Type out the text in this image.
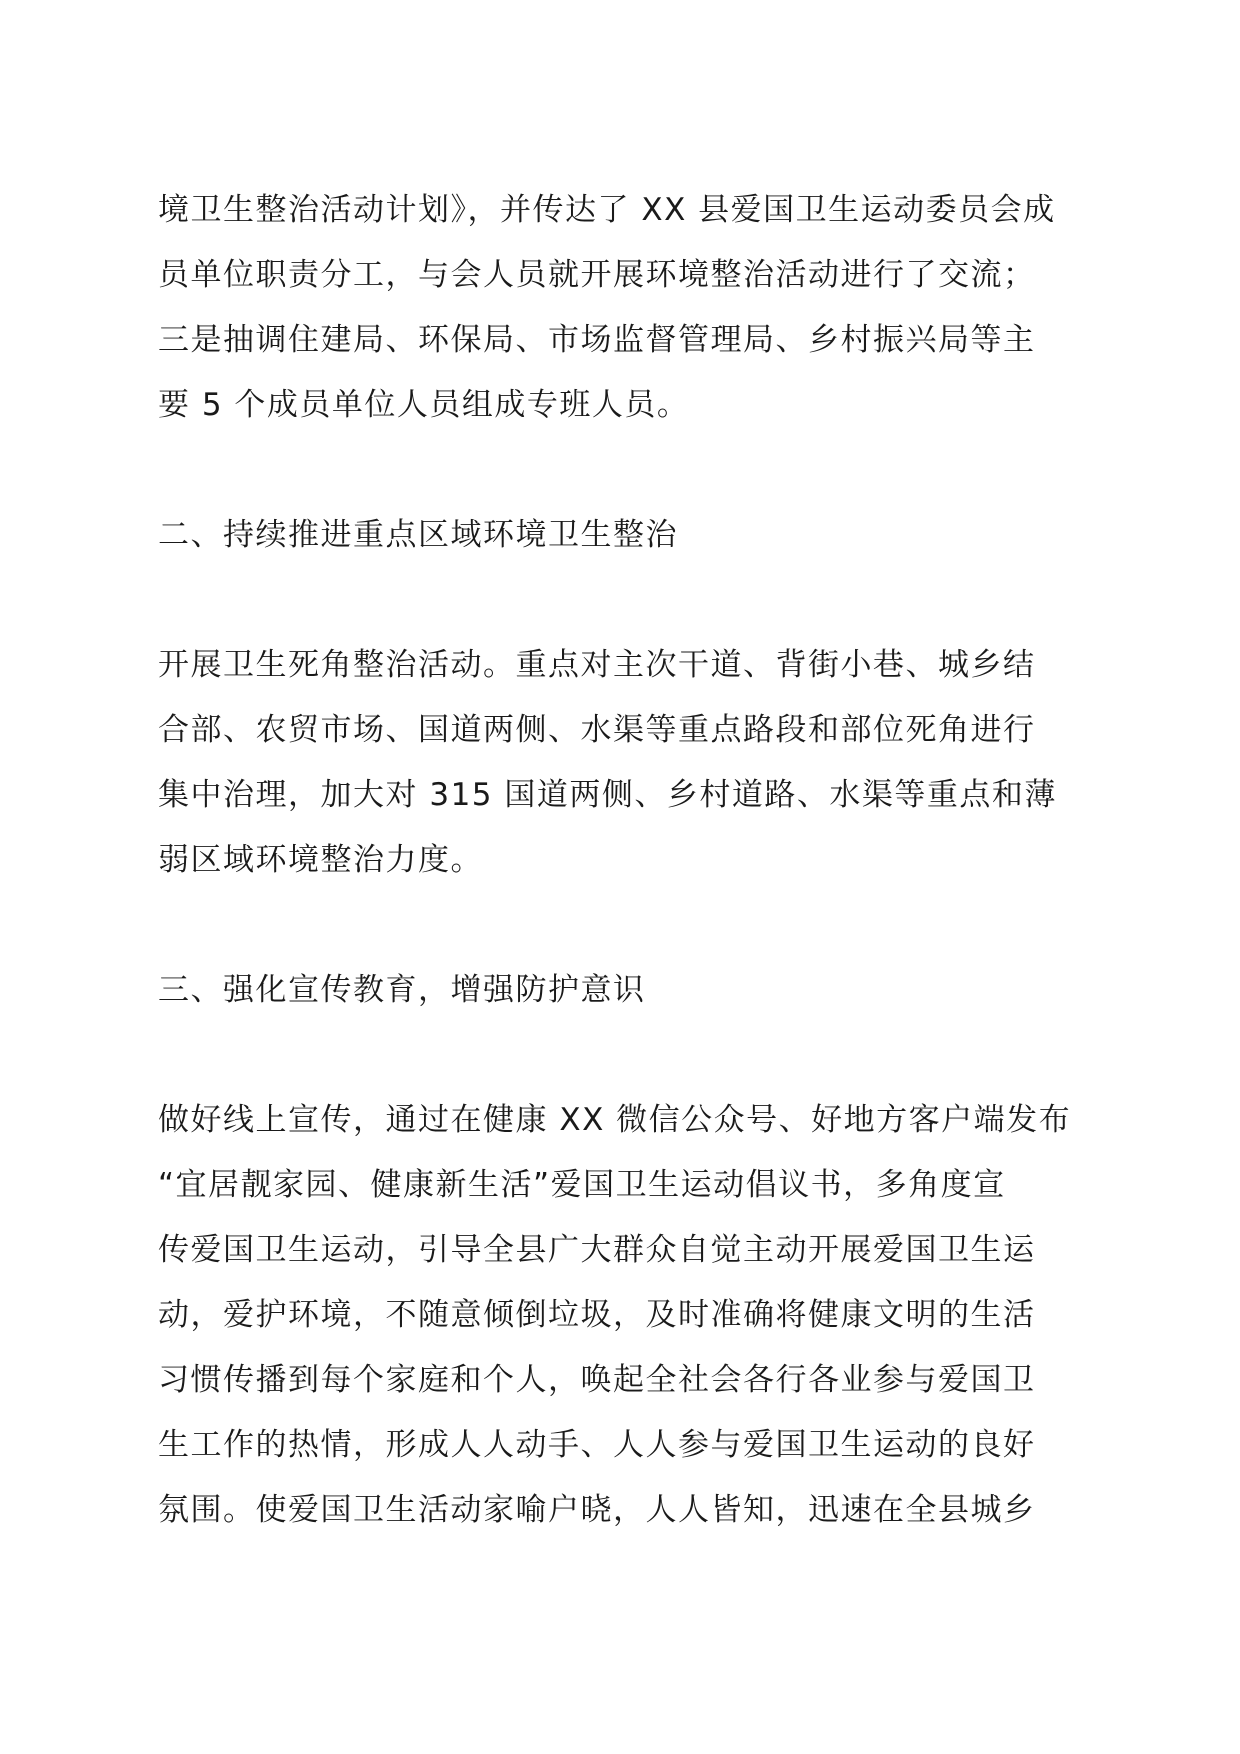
境卫生整治活动计划》，并传达了 XX 县爱国卫生运动委员会成
员单位职责分工，与会人员就开展环境整治活动进行了交流；
三是抽调住建局、环保局、市场监督管理局、乡村振兴局等主
要 5 个成员单位人员组成专班人员。

二、持续推进重点区域环境卫生整治

开展卫生死角整治活动。重点对主次干道、背街小巷、城乡结
合部、农贸市场、国道两侧、水渠等重点路段和部位死角进行
集中治理，加大对 315 国道两侧、乡村道路、水渠等重点和薄
弱区域环境整治力度。

三、强化宣传教育，增强防护意识

做好线上宣传，通过在健康 XX 微信公众号、好地方客户端发布
“宜居靓家园、健康新生活”爱国卫生运动倡议书，多角度宣
传爱国卫生运动，引导全县广大群众自觉主动开展爱国卫生运
动，爱护环境，不随意倾倒垃圾，及时准确将健康文明的生活
习惯传播到每个家庭和个人，唤起全社会各行各业参与爱国卫
生工作的热情，形成人人动手、人人参与爱国卫生运动的良好
氛围。使爱国卫生活动家喻户晓，人人皆知，迅速在全县城乡
